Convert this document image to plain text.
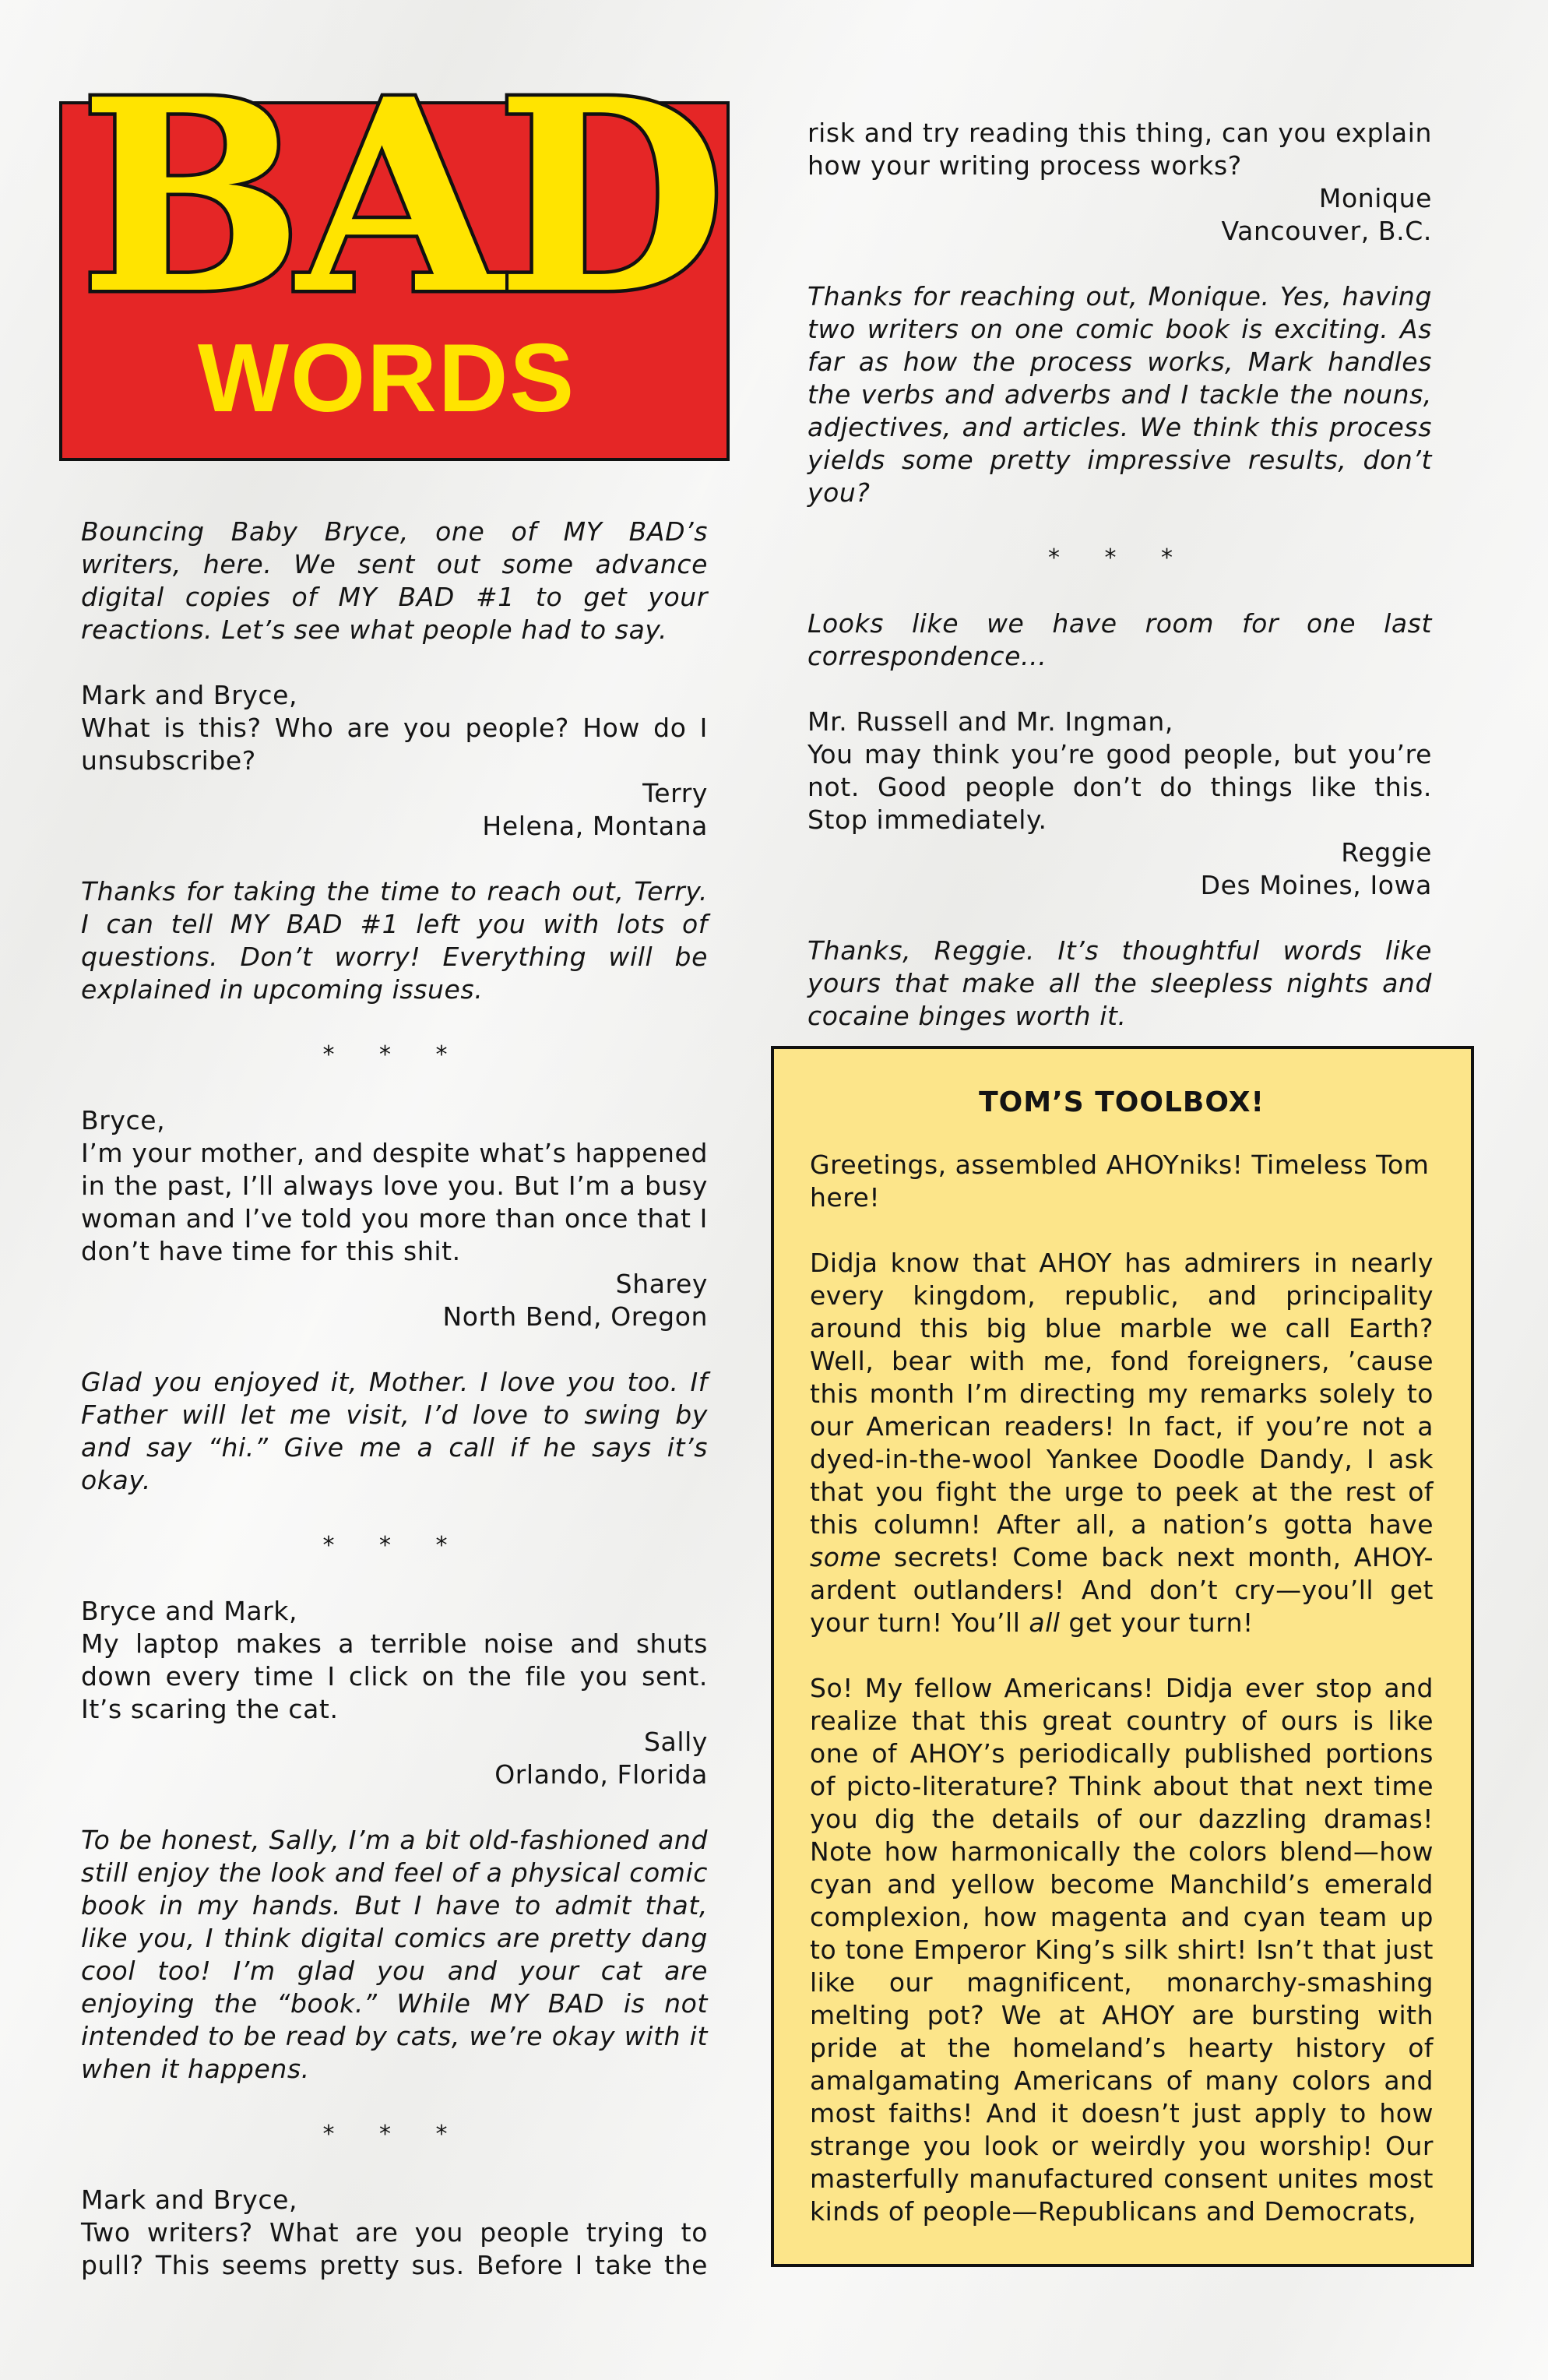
BAD
WORDS

Bouncing Baby Bryce, one of MY BAD’s writers, here. We sent out some advance digital copies of MY BAD #1 to get your reactions. Let’s see what people had to say.

Mark and Bryce,

What is this? Who are you people? How do I unsubscribe?

Terry

Helena, Montana

Thanks for taking the time to reach out, Terry. I can tell MY BAD #1 left you with lots of questions. Don’t worry! Everything will be explained in upcoming issues.

* * *

Bryce,

I’m your mother, and despite what’s happened in the past, I’ll always love you. But I’m a busy woman and I’ve told you more than once that I don’t have time for this shit.

Sharey

North Bend, Oregon

Glad you enjoyed it, Mother. I love you too. If Father will let me visit, I’d love to swing by and say “hi.” Give me a call if he says it’s okay.

* * *

Bryce and Mark,

My laptop makes a terrible noise and shuts down every time I click on the file you sent. It’s scaring the cat.

Sally

Orlando, Florida

To be honest, Sally, I’m a bit old-fashioned and still enjoy the look and feel of a physical comic book in my hands. But I have to admit that, like you, I think digital comics are pretty dang cool too! I’m glad you and your cat are enjoying the “book.” While MY BAD is not intended to be read by cats, we’re okay with it when it happens.

* * *

Mark and Bryce,

Two writers? What are you people trying to pull? This seems pretty sus. Before I take the

risk and try reading this thing, can you explain how your writing process works?

Monique

Vancouver, B.C.

Thanks for reaching out, Monique. Yes, having two writers on one comic book is exciting. As far as how the process works, Mark handles the verbs and adverbs and I tackle the nouns, adjectives, and articles. We think this process yields some pretty impressive results, don’t you?

* * *

Looks like we have room for one last correspondence...

Mr. Russell and Mr. Ingman,

You may think you’re good people, but you’re not. Good people don’t do things like this. Stop immediately.

Reggie

Des Moines, Iowa

Thanks, Reggie. It’s thoughtful words like yours that make all the sleepless nights and cocaine binges worth it.

TOM’S TOOLBOX!

Greetings, assembled AHOYniks! Timeless Tom here!

Didja know that AHOY has admirers in nearly every kingdom, republic, and principality around this big blue marble we call Earth? Well, bear with me, fond foreigners, ’cause this month I’m directing my remarks solely to our American readers! In fact, if you’re not a dyed-in-the-wool Yankee Doodle Dandy, I ask that you fight the urge to peek at the rest of this column! After all, a nation’s gotta have some secrets! Come back next month, AHOY-ardent outlanders! And don’t cry—you’ll get your turn! You’ll all get your turn!

So! My fellow Americans! Didja ever stop and realize that this great country of ours is like one of AHOY’s periodically published portions of picto-literature? Think about that next time you dig the details of our dazzling dramas! Note how harmonically the colors blend—how cyan and yellow become Manchild’s emerald complexion, how magenta and cyan team up to tone Emperor King’s silk shirt! Isn’t that just like our magnificent, monarchy-smashing melting pot? We at AHOY are bursting with pride at the homeland’s hearty history of amalgamating Americans of many colors and most faiths! And it doesn’t just apply to how strange you look or weirdly you worship! Our masterfully manufactured consent unites most kinds of people—Republicans and Democrats,
